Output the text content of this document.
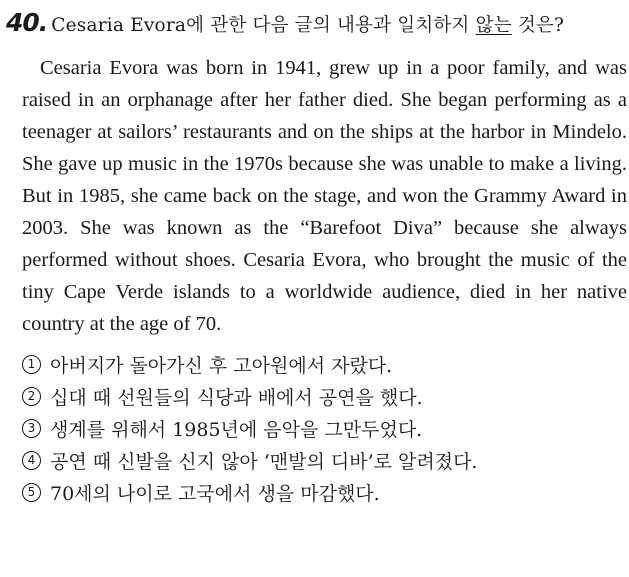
40. Cesaria Evora에 관한 다음 글의 내용과 일치하지 않는 것은?
Cesaria Evora was born in 1941, grew up in a poor family, and was raised in an orphanage after her father died. She began performing as a teenager at sailors’ restaurants and on the ships at the harbor in Mindelo. She gave up music in the 1970s because she was unable to make a living. But in 1985, she came back on the stage, and won the Grammy Award in 2003. She was known as the “Barefoot Diva” because she always performed without shoes. Cesaria Evora, who brought the music of the tiny Cape Verde islands to a worldwide audience, died in her native country at the age of 70.
1 아버지가 돌아가신 후 고아원에서 자랐다.
2 십대 때 선원들의 식당과 배에서 공연을 했다.
3 생계를 위해서 1985년에 음악을 그만두었다.
4 공연 때 신발을 신지 않아 ‘맨발의 디바’로 알려졌다.
5 70세의 나이로 고국에서 생을 마감했다.
